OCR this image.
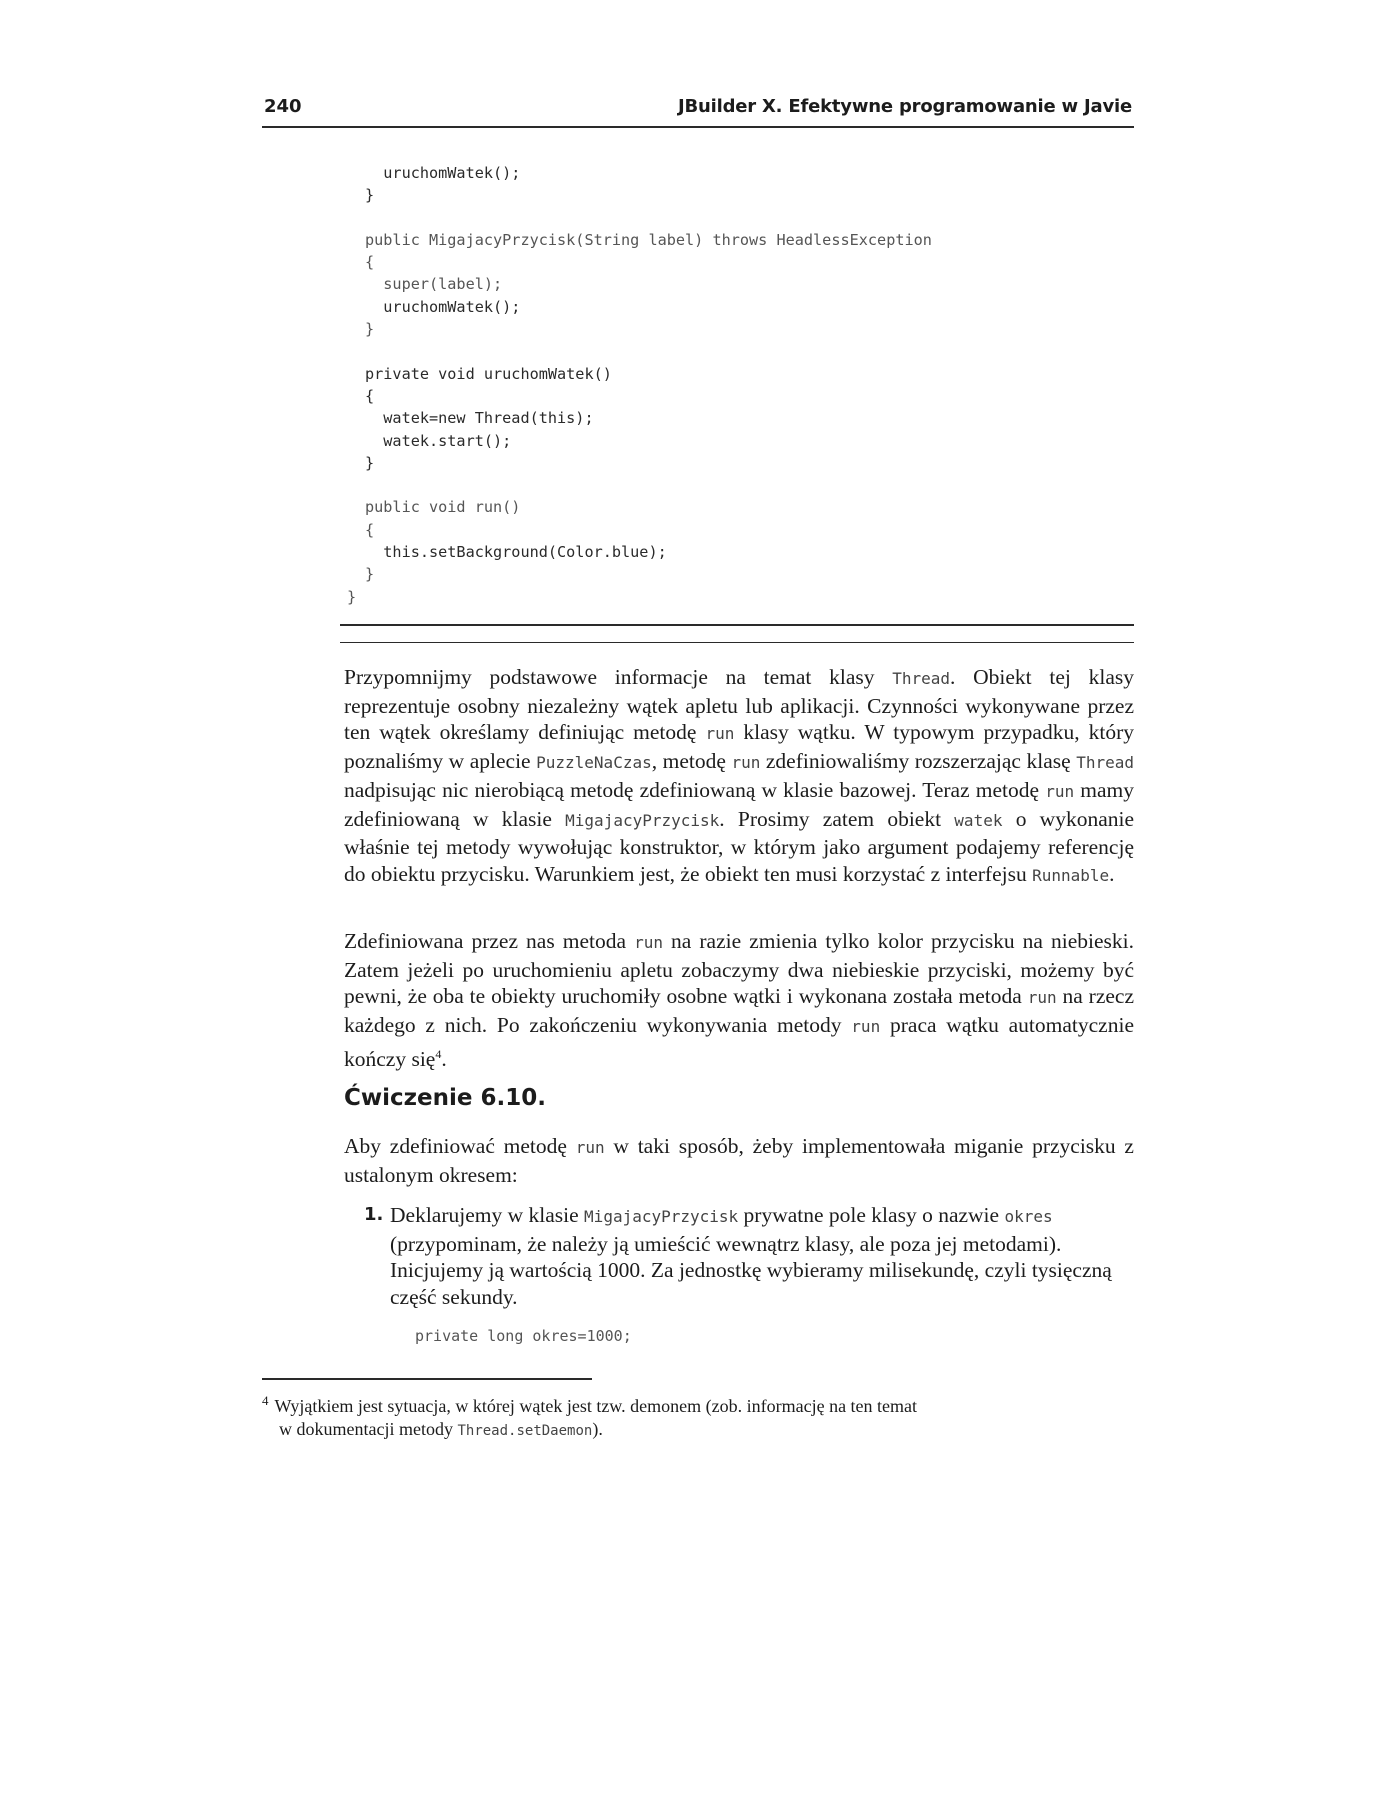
240	JBuilder X. Efektywne programowanie w Javie
uruchomWatek();
}
public MigajacyPrzycisk(String label) throws HeadlessException
{
super(label);
uruchomWatek();
}
private void uruchomWatek()
{
watek=new Thread(this);
watek.start();
}
public void run()
{
this.setBackground(Color.blue);
}
}
Przypomnijmy podstawowe informacje na temat klasy Thread. Obiekt tej klasy reprezentuje osobny niezależny wątek apletu lub aplikacji. Czynności wykonywane przez ten wątek określamy definiując metodę run klasy wątku. W typowym przypadku, który poznaliśmy w aplecie PuzzleNaCzas, metodę run zdefiniowaliśmy rozszerzając klasę Thread nadpisując nic nierobiącą metodę zdefiniowaną w klasie bazowej. Teraz metodę run mamy zdefiniowaną w klasie MigajacyPrzycisk. Prosimy zatem obiekt watek o wykonanie właśnie tej metody wywołując konstruktor, w którym jako argument podajemy referencję do obiektu przycisku. Warunkiem jest, że obiekt ten musi korzystać z interfejsu Runnable.
Zdefiniowana przez nas metoda run na razie zmienia tylko kolor przycisku na niebieski. Zatem jeżeli po uruchomieniu apletu zobaczymy dwa niebieskie przyciski, możemy być pewni, że oba te obiekty uruchomiły osobne wątki i wykonana została metoda run na rzecz każdego z nich. Po zakończeniu wykonywania metody run praca wątku automatycznie kończy się$^4$.
Ćwiczenie 6.10.
Aby zdefiniować metodę run w taki sposób, żeby implementowała miganie przycisku z ustalonym okresem:
1. Deklarujemy w klasie MigajacyPrzycisk prywatne pole klasy o nazwie okres (przypominam, że należy ją umieścić wewnątrz klasy, ale poza jej metodami). Inicjujemy ją wartością 1000. Za jednostkę wybieramy milisekundę, czyli tysięczną część sekundy.
private long okres=1000;
$^4$ Wyjątkiem jest sytuacja, w której wątek jest tzw. demonem (zob. informację na ten temat
w dokumentacji metody Thread.setDaemon).
